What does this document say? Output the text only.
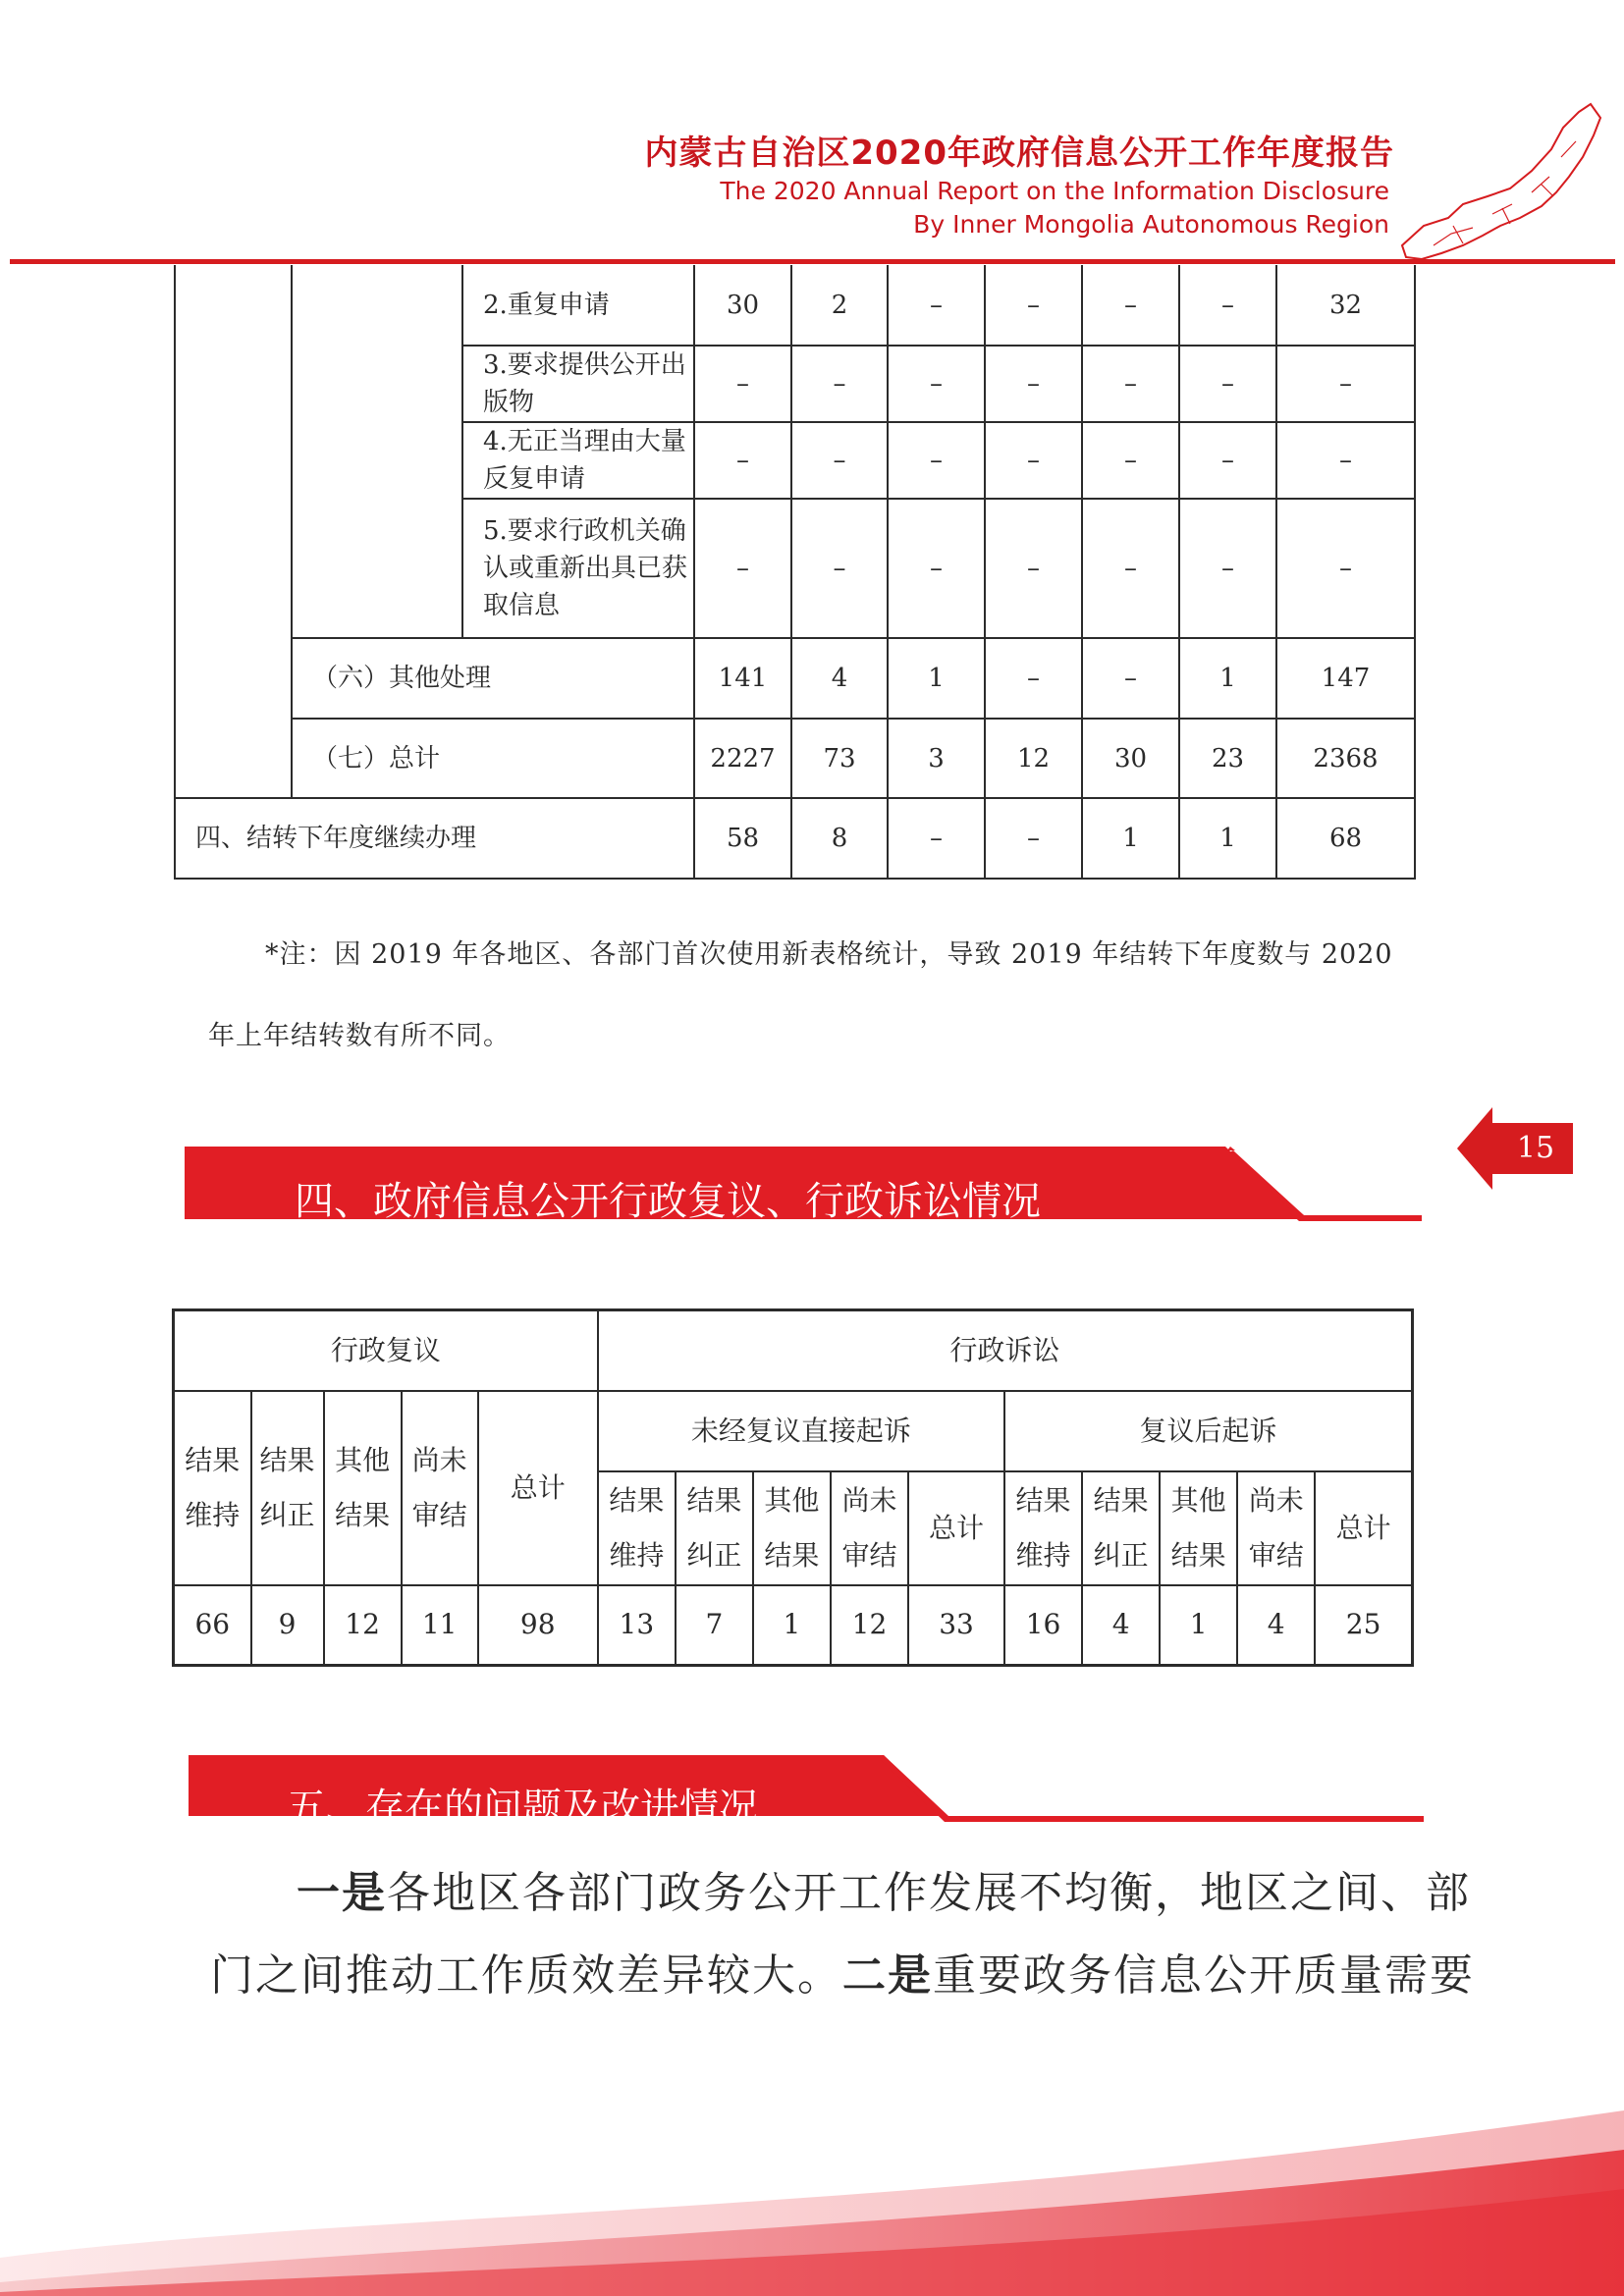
内蒙古自治区2020年政府信息公开工作年度报告
The 2020 Annual Report on the Information Disclosure
By Inner Mongolia Autonomous Region
		2.重复申请	30	2	–	–	–	–	32
		3.要求提供公开出版物	–	–	–	–	–	–	–
		4.无正当理由大量反复申请	–	–	–	–	–	–	–
		5.要求行政机关确认或重新出具已获取信息	–	–	–	–	–	–	–
	（六）其他处理		141	4	1	–	–	1	147
	（七）总计		2227	73	3	12	30	23	2368
四、结转下年度继续办理			58	8	–	–	1	1	68
*注：因 2019 年各地区、各部门首次使用新表格统计，导致 2019 年结转下年度数与 2020
年上年结转数有所不同。
四、政府信息公开行政复议、行政诉讼情况
15
行政复议					行政诉讼									
结果维持	结果纠正	其他结果	尚未审结	总计	未经复议直接起诉					复议后起诉				
					结果维持	结果纠正	其他结果	尚未审结	总计	结果维持	结果纠正	其他结果	尚未审结	总计
66	9	12	11	98	13	7	1	12	33	16	4	1	4	25
五、存在的问题及改进情况
一是各地区各部门政务公开工作发展不均衡，地区之间、部
门之间推动工作质效差异较大。二是重要政务信息公开质量需要
